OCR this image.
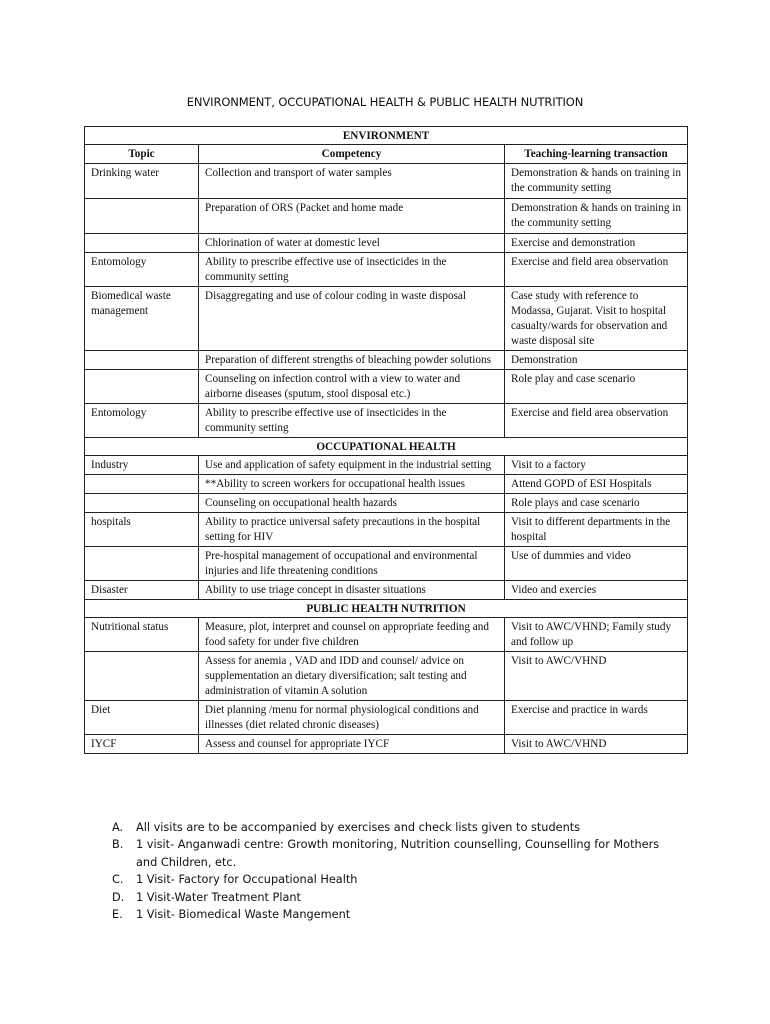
ENVIRONMENT, OCCUPATIONAL HEALTH & PUBLIC HEALTH NUTRITION
ENVIRONMENT		
Topic	Competency	Teaching-learning transaction
Drinking water	Collection and transport of water samples	Demonstration & hands on training in the community setting
	Preparation of ORS (Packet and home made	Demonstration & hands on training in the community setting
	Chlorination of water at domestic level	Exercise and demonstration
Entomology	Ability to prescribe effective use of insecticides in the community setting	Exercise and field area observation
Biomedical waste management	Disaggregating and use of colour coding in waste disposal	Case study with reference to Modassa, Gujarat. Visit to hospital casualty/wards for observation and waste disposal site
	Preparation of different strengths of bleaching powder solutions	Demonstration
	Counseling on infection control with a view to water and airborne diseases (sputum, stool disposal etc.)	Role play and case scenario
Entomology	Ability to prescribe effective use of insecticides in the community setting	Exercise and field area observation
OCCUPATIONAL HEALTH		
Industry	Use and application of safety equipment in the industrial setting	Visit to a factory
	**Ability to screen workers for occupational health issues	Attend GOPD of ESI Hospitals
	Counseling on occupational health hazards	Role plays and case scenario
hospitals	Ability to practice universal safety precautions in the hospital setting for HIV	Visit to different departments in the hospital
	Pre-hospital management of occupational and environmental injuries and life threatening conditions	Use of dummies and video
Disaster	Ability to use triage concept in disaster situations	Video and exercies
PUBLIC HEALTH NUTRITION		
Nutritional status	Measure, plot, interpret and counsel on appropriate feeding and food safety for under five children	Visit to AWC/VHND; Family study and follow up
	Assess for anemia , VAD and IDD and counsel/ advice on supplementation an dietary diversification; salt testing and administration of vitamin A solution	Visit to AWC/VHND
Diet	Diet planning /menu for normal physiological conditions and illnesses (diet related chronic diseases)	Exercise and practice in wards
IYCF	Assess and counsel for appropriate IYCF	Visit to AWC/VHND
A. All visits are to be accompanied by exercises and check lists given to students
B. 1 visit- Anganwadi centre: Growth monitoring, Nutrition counselling, Counselling for Mothers and Children, etc.
C. 1 Visit- Factory for Occupational Health
D. 1 Visit-Water Treatment Plant
E. 1 Visit- Biomedical Waste Mangement
